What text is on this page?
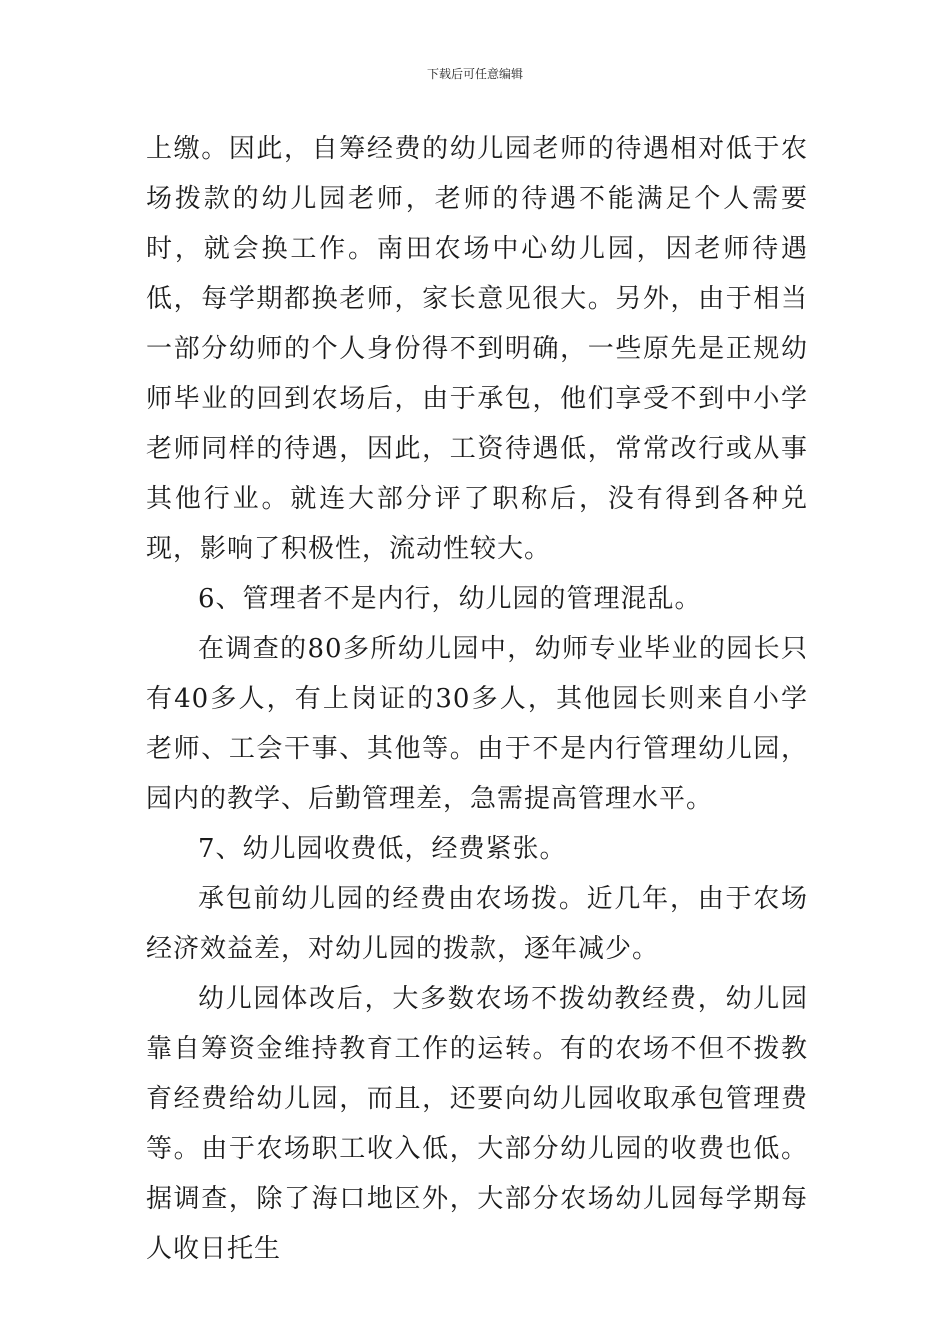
下载后可任意编辑

上缴。因此，自筹经费的幼儿园老师的待遇相对低于农场拨款的幼儿园老师，老师的待遇不能满足个人需要时，就会换工作。南田农场中心幼儿园，因老师待遇低，每学期都换老师，家长意见很大。另外，由于相当一部分幼师的个人身份得不到明确，一些原先是正规幼师毕业的回到农场后，由于承包，他们享受不到中小学老师同样的待遇，因此，工资待遇低，常常改行或从事其他行业。就连大部分评了职称后，没有得到各种兑现，影响了积极性，流动性较大。

6、管理者不是内行，幼儿园的管理混乱。

在调查的80多所幼儿园中，幼师专业毕业的园长只有40多人，有上岗证的30多人，其他园长则来自小学老师、工会干事、其他等。由于不是内行管理幼儿园，园内的教学、后勤管理差，急需提高管理水平。

7、幼儿园收费低，经费紧张。

承包前幼儿园的经费由农场拨。近几年，由于农场经济效益差，对幼儿园的拨款，逐年减少。

幼儿园体改后，大多数农场不拨幼教经费，幼儿园靠自筹资金维持教育工作的运转。有的农场不但不拨教育经费给幼儿园，而且，还要向幼儿园收取承包管理费等。由于农场职工收入低，大部分幼儿园的收费也低。据调查，除了海口地区外，大部分农场幼儿园每学期每人收日托生
